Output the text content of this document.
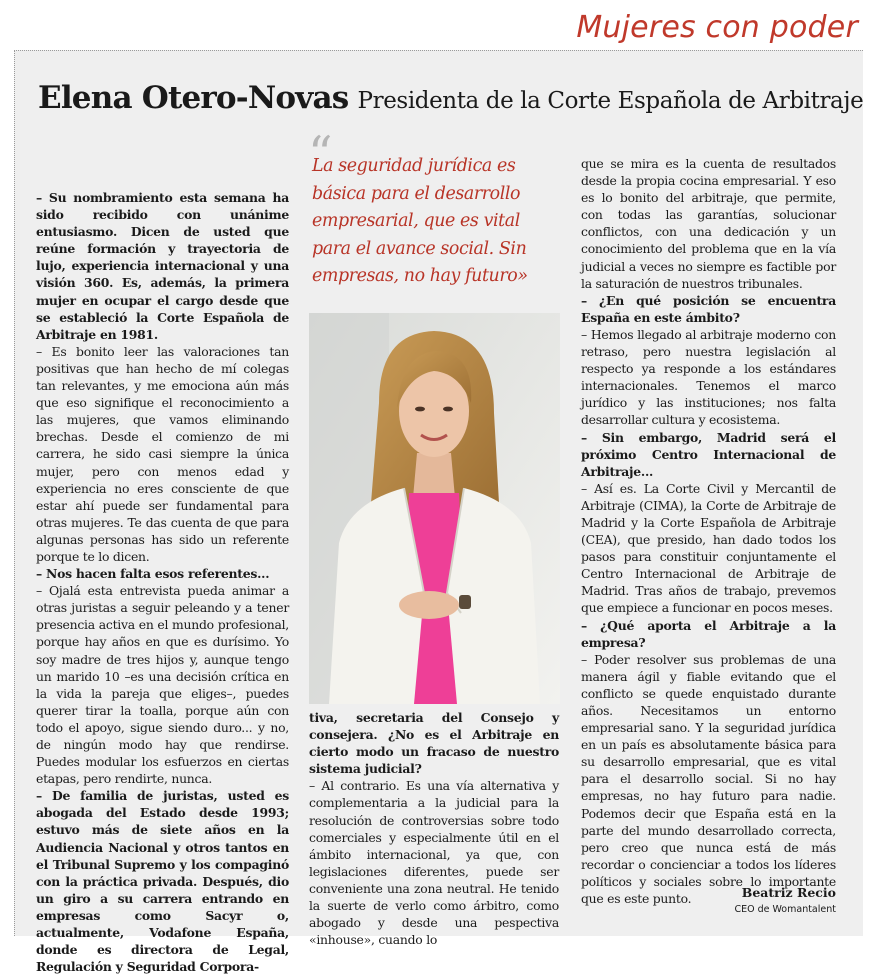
Mujeres con poder
Elena Otero-Novas Presidenta de la Corte Española de Arbitraje

– Su nombramiento esta semana ha sido recibido con unánime entusiasmo. Dicen de usted que reúne formación y trayectoria de lujo, experiencia internacional y una visión 360. Es, además, la primera mujer en ocupar el cargo desde que se estableció la Corte Española de Arbitraje en 1981.

– Es bonito leer las valoraciones tan positivas que han hecho de mí colegas tan relevantes, y me emociona aún más que eso signifique el reconocimiento a las mujeres, que vamos eliminando brechas. Desde el comienzo de mi carrera, he sido casi siempre la única mujer, pero con menos edad y experiencia no eres consciente de que estar ahí puede ser fundamental para otras mujeres. Te das cuenta de que para algunas personas has sido un referente porque te lo dicen.

– Nos hacen falta esos referentes...

– Ojalá esta entrevista pueda animar a otras juristas a seguir peleando y a tener presencia activa en el mundo profesional, porque hay años en que es durísimo. Yo soy madre de tres hijos y, aunque tengo un marido 10 –es una decisión crítica en la vida la pareja que eliges–, puedes querer tirar la toalla, porque aún con todo el apoyo, sigue siendo duro... y no, de ningún modo hay que rendirse. Puedes modular los esfuerzos en ciertas etapas, pero rendirte, nunca.

– De familia de juristas, usted es abogada del Estado desde 1993; estuvo más de siete años en la Audiencia Nacional y otros tantos en el Tribunal Supremo y los compaginó con la práctica privada. Después, dio un giro a su carrera entrando en empresas como Sacyr o, actualmente, Vodafone España, donde es directora de Legal, Regulación y Seguridad Corpora-

“
La seguridad jurídica es básica para el desarrollo empresarial, que es vital para el avance social. Sin empresas, no hay futuro»

tiva, secretaria del Consejo y consejera. ¿No es el Arbitraje en cierto modo un fracaso de nuestro sistema judicial?

– Al contrario. Es una vía alternativa y complementaria a la judicial para la resolución de controversias sobre todo comerciales y especialmente útil en el ámbito internacional, ya que, con legislaciones diferentes, puede ser conveniente una zona neutral. He tenido la suerte de verlo como árbitro, como abogado y desde una pespectiva «inhouse», cuando lo

que se mira es la cuenta de resultados desde la propia cocina empresarial. Y eso es lo bonito del arbitraje, que permite, con todas las garantías, solucionar conflictos, con una dedicación y un conocimiento del problema que en la vía judicial a veces no siempre es factible por la saturación de nuestros tribunales.

– ¿En qué posición se encuentra España en este ámbito?

– Hemos llegado al arbitraje moderno con retraso, pero nuestra legislación al respecto ya responde a los estándares internacionales. Tenemos el marco jurídico y las instituciones; nos falta desarrollar cultura y ecosistema.

– Sin embargo, Madrid será el próximo Centro Internacional de Arbitraje...

– Así es. La Corte Civil y Mercantil de Arbitraje (CIMA), la Corte de Arbitraje de Madrid y la Corte Española de Arbitraje (CEA), que presido, han dado todos los pasos para constituir conjuntamente el Centro Internacional de Arbitraje de Madrid. Tras años de trabajo, prevemos que empiece a funcionar en pocos meses.

– ¿Qué aporta el Arbitraje a la empresa?

– Poder resolver sus problemas de una manera ágil y fiable evitando que el conflicto se quede enquistado durante años. Necesitamos un entorno empresarial sano. Y la seguridad jurídica en un país es absolutamente básica para su desarrollo empresarial, que es vital para el desarrollo social. Si no hay empresas, no hay futuro para nadie. Podemos decir que España está en la parte del mundo desarrollado correcta, pero creo que nunca está de más recordar o concienciar a todos los líderes políticos y sociales sobre lo importante que es este punto.	Beatriz Recio
CEO de Womantalent
